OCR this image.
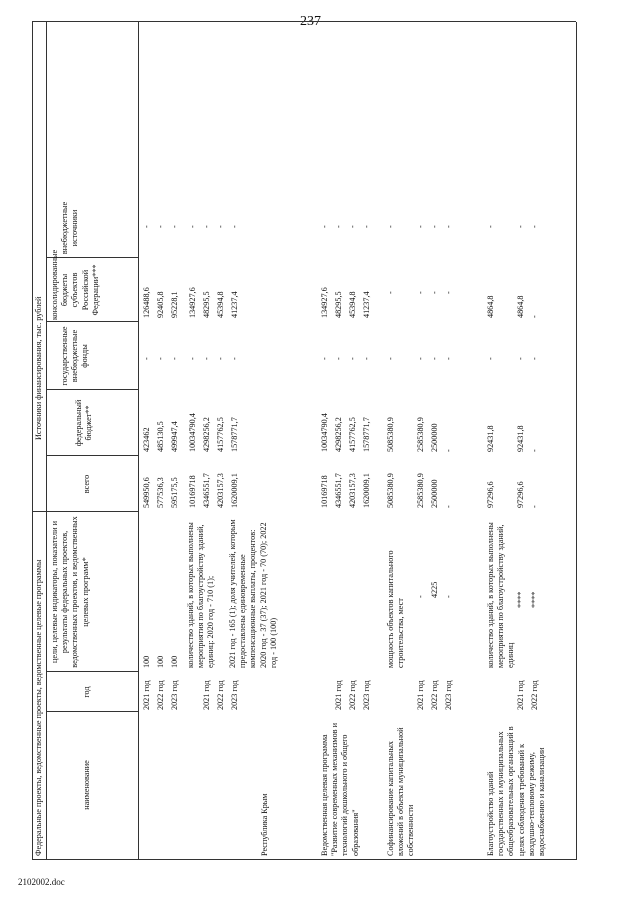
237
Федеральные проекты, ведомственные проекты, ведомственные целевые программы
Источники финансирования, тыс. рублей
наименование
год
цели, целевые индикаторы, показатели и результаты федеральных проектов, ведомственных проектов, и ведомственных целевых программ*
всего
федеральный бюджет**
государственные внебюджетные фонды
консолидированные бюджеты субъектов Российской Федерации***
внебюджетные источники
Республика Крым
2021 год
100
549950,6
423462
-
126488,6
-
2022 год
100
577536,3
485130,5
-
92405,8
-
2023 год
100
595175,5
499947,4
-
95228,1
-
10169718
10034790,4
-
134927,6
-
2021 год
4346551,7
4298256,2
-
48295,5
-
2022 год
4203157,3
4157762,5
-
45394,8
-
2023 год
1620009,1
1578771,7
-
41237,4
-
количество зданий, в которых выполнены мероприятия по благоустройству зданий, единиц: 2020 год - 710 (1); 2021 год - 165 (1); доля учителей, которым предоставлены единовременные компенсационные выплаты, процентов: 2020 год - 37 (37); 2021 год - 70 (70); 2022 год - 100 (100)
Ведомственная целевая программа "Развитие современных механизмов и технологий дошкольного и общего образования"
10169718
10034790,4
-
134927,6
-
2021 год
4346551,7
4298256,2
-
48295,5
-
2022 год
4203157,3
4157762,5
-
45394,8
-
2023 год
1620009,1
1578771,7
-
41237,4
-
Софинансирование капитальных вложений в объекты муниципальной собственности
мощность объектов капитального строительства, мест
5085380,9
5085380,9
-
-
-
2021 год
-
2585380,9
2585380,9
-
-
-
2022 год
4225
2500000
2500000
-
-
-
2023 год
-
-
-
-
-
-
Благоустройство зданий государственных и муниципальных общеобразовательных организаций в целях соблюдения требований к воздушно-тепловому режиму, водоснабжению и канализации
количество зданий, в которых выполнены мероприятия по благоустройству зданий, единиц
97296,6
92431,8
-
4864,8
-
2021 год
****
97296,6
92431,8
-
4864,8
-
2022 год
****
-
-
-
-
-
2102002.doc
